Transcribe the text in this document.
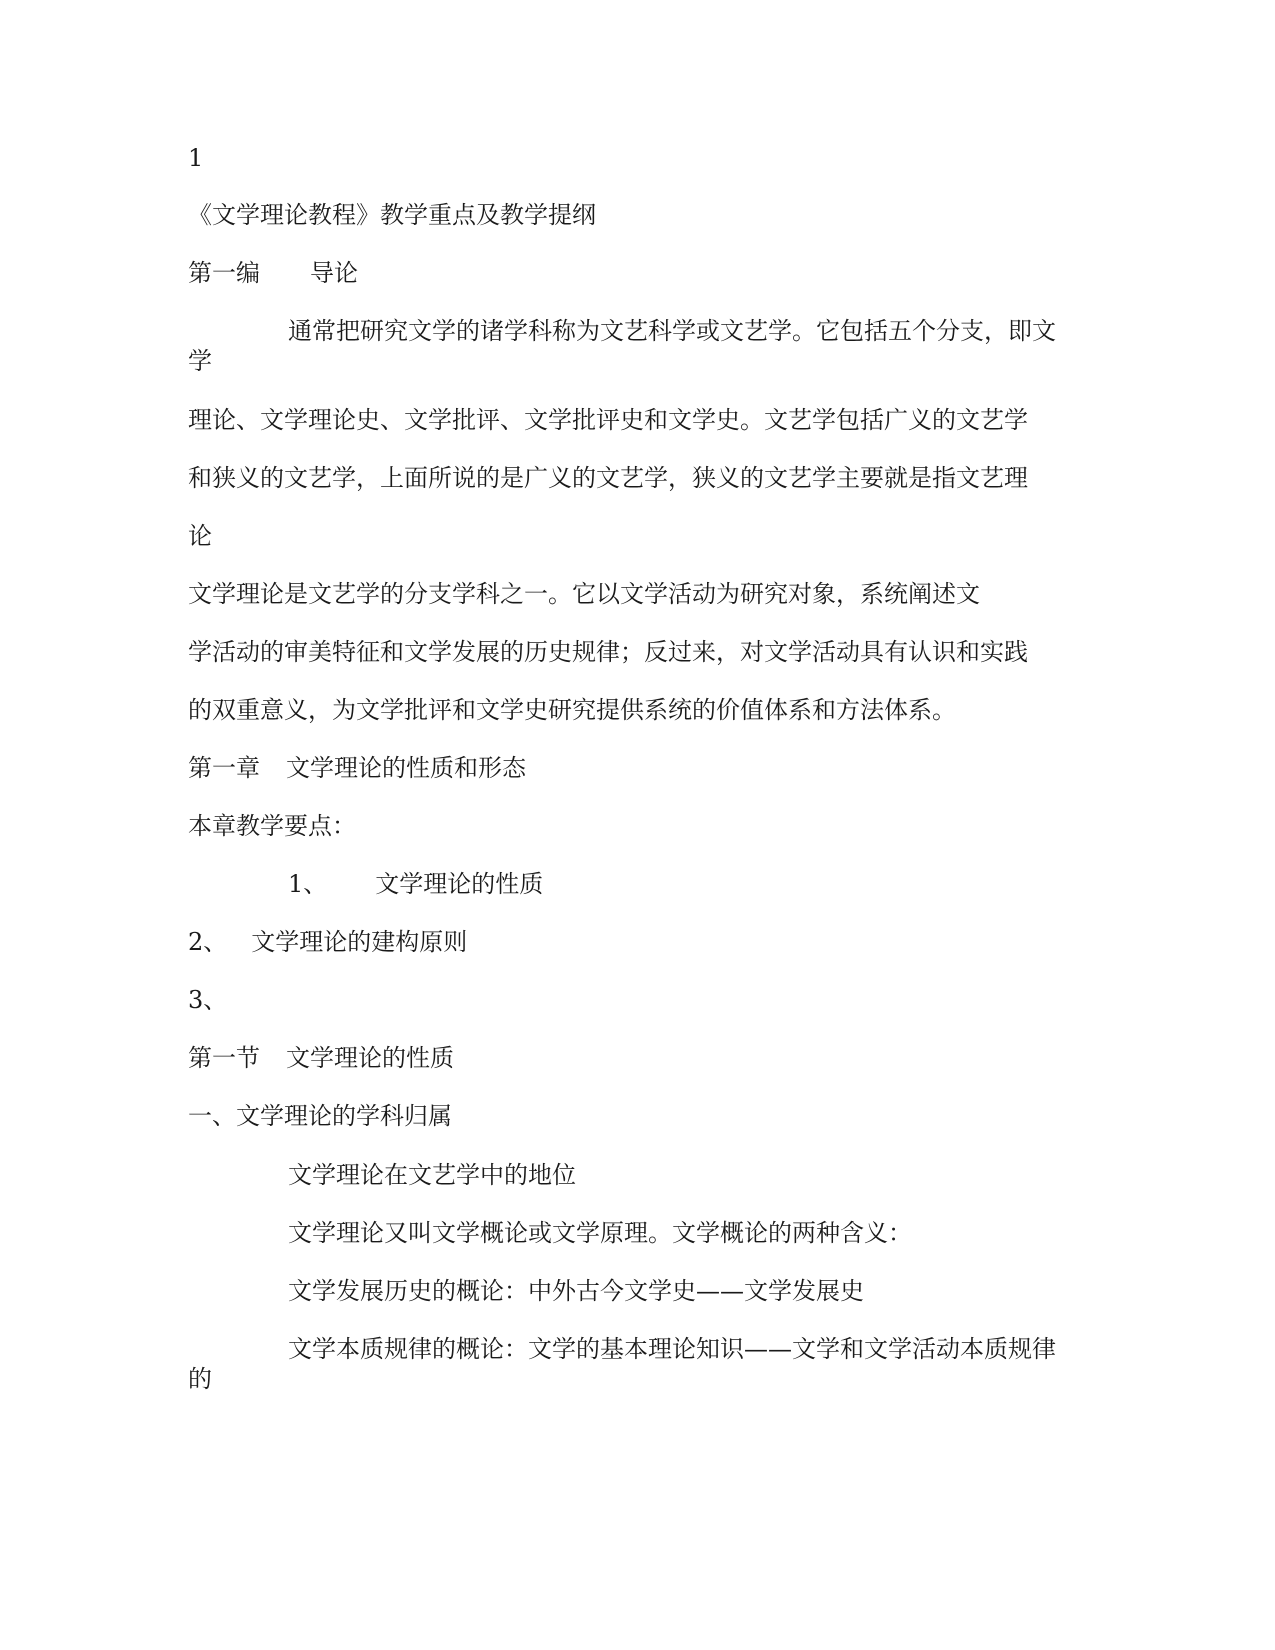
1
《文学理论教程》教学重点及教学提纲
第一编 导论
通常把研究文学的诸学科称为文艺科学或文艺学。它包括五个分支，即文
学
理论、文学理论史、文学批评、文学批评史和文学史。文艺学包括广义的文艺学
和狭义的文艺学，上面所说的是广义的文艺学，狭义的文艺学主要就是指文艺理
论
文学理论是文艺学的分支学科之一。它以文学活动为研究对象，系统阐述文
学活动的审美特征和文学发展的历史规律；反过来，对文学活动具有认识和实践
的双重意义，为文学批评和文学史研究提供系统的价值体系和方法体系。
第一章 文学理论的性质和形态
本章教学要点：
1、 文学理论的性质
2、 文学理论的建构原则
3、
第一节 文学理论的性质
一、文学理论的学科归属
文学理论在文艺学中的地位
文学理论又叫文学概论或文学原理。文学概论的两种含义：
文学发展历史的概论：中外古今文学史——文学发展史
文学本质规律的概论：文学的基本理论知识——文学和文学活动本质规律
的
